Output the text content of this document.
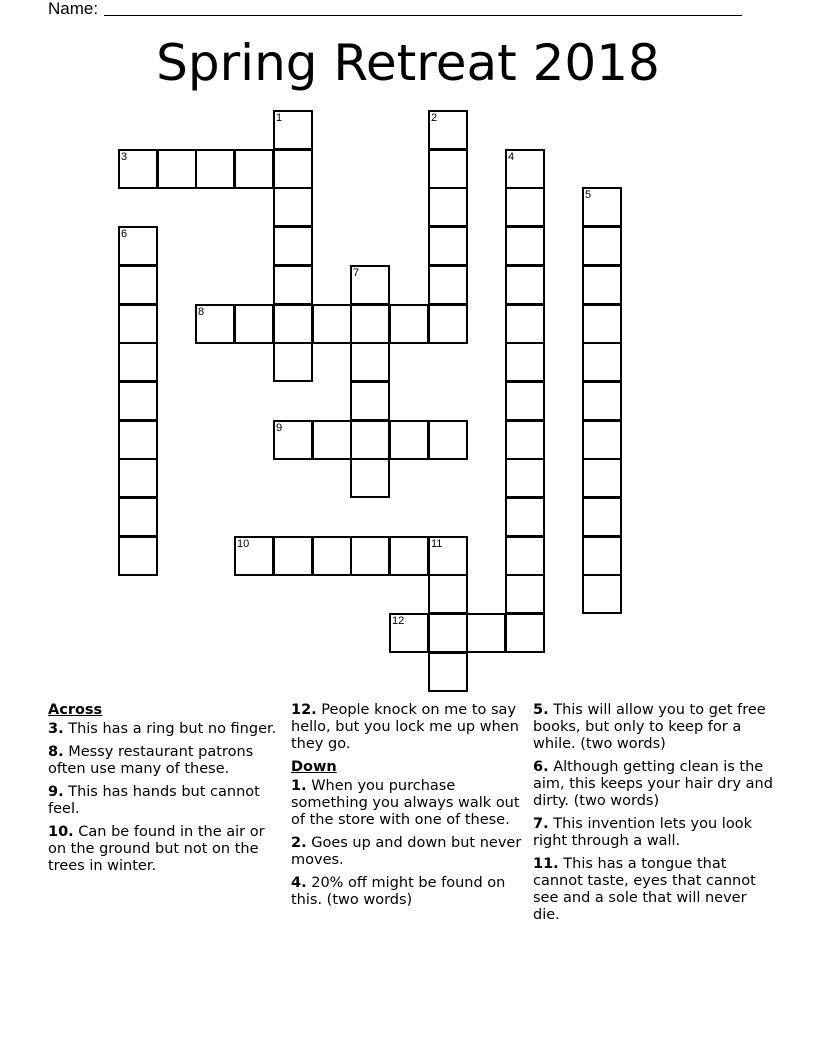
Name:
Spring Retreat 2018
1	2
3	4
5
6
7
8
9
10	11
12
Across
3. This has a ring but no finger.
8. Messy restaurant patrons often use many of these.
9. This has hands but cannot feel.
10. Can be found in the air or on the ground but not on the trees in winter.
12. People knock on me to say hello, but you lock me up when they go.
Down
1. When you purchase something you always walk out of the store with one of these.
2. Goes up and down but never moves.
4. 20% off might be found on this. (two words)
5. This will allow you to get free books, but only to keep for a while. (two words)
6. Although getting clean is the aim, this keeps your hair dry and dirty. (two words)
7. This invention lets you look right through a wall.
11. This has a tongue that cannot taste, eyes that cannot see and a sole that will never die.
